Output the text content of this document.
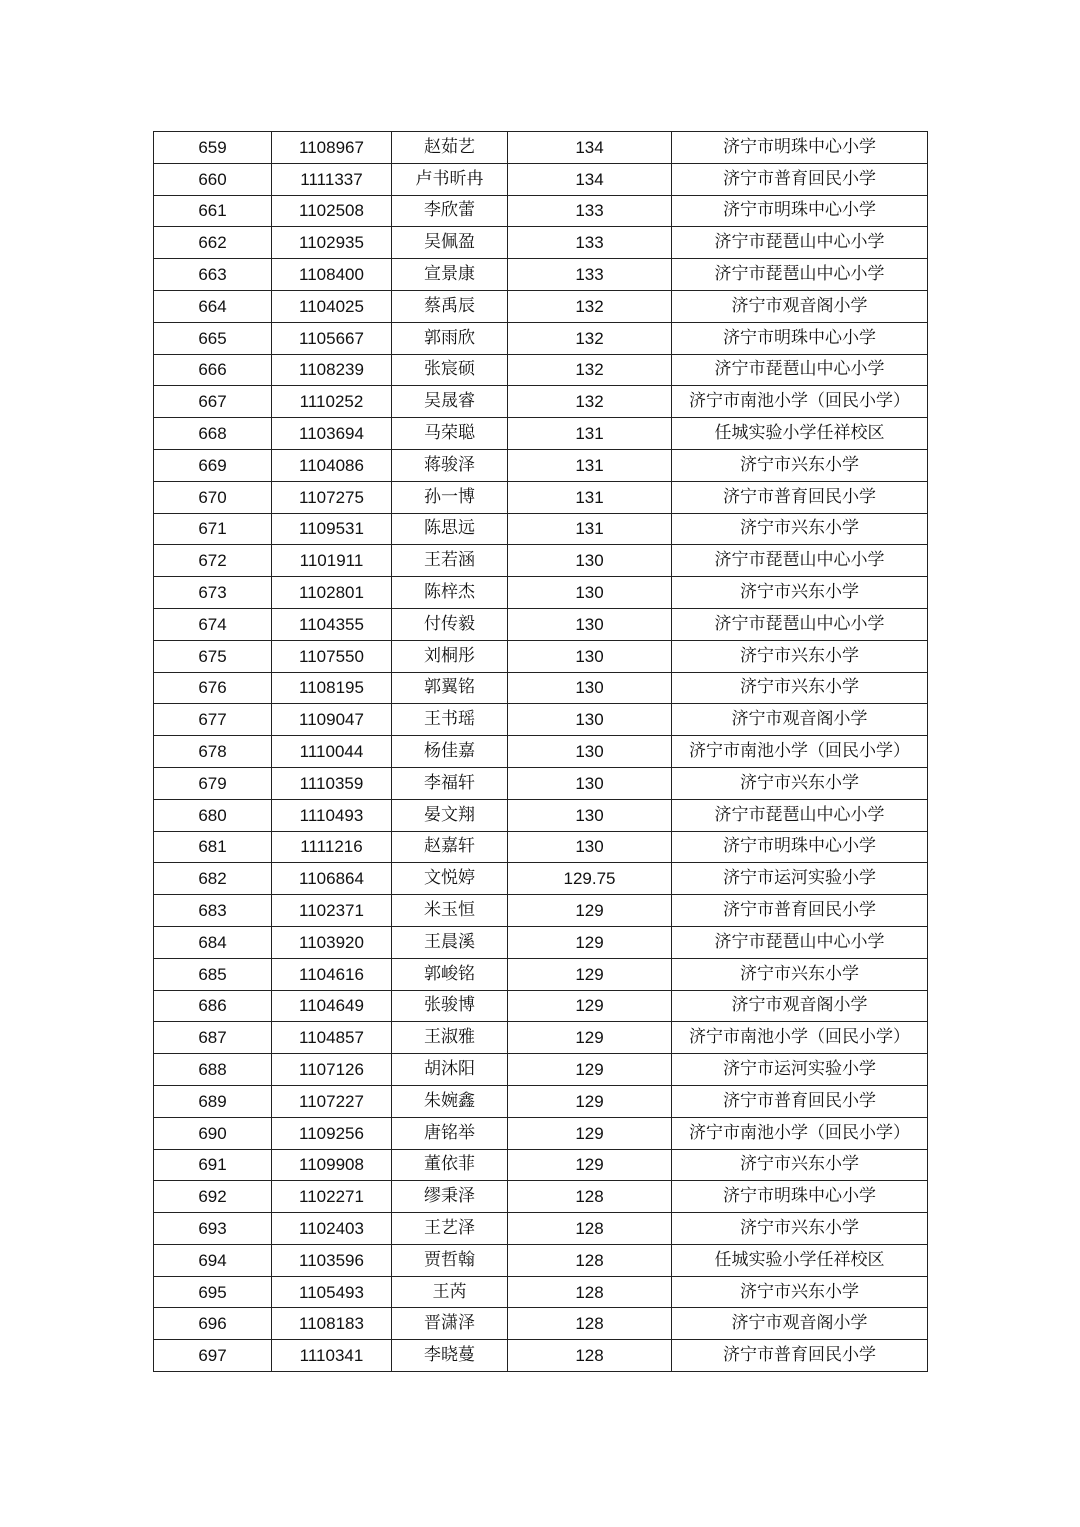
659	1108967	赵茹艺	134	济宁市明珠中心小学
660	1111337	卢书昕冉	134	济宁市普育回民小学
661	1102508	李欣蕾	133	济宁市明珠中心小学
662	1102935	吴佩盈	133	济宁市琵琶山中心小学
663	1108400	宣景康	133	济宁市琵琶山中心小学
664	1104025	蔡禹辰	132	济宁市观音阁小学
665	1105667	郭雨欣	132	济宁市明珠中心小学
666	1108239	张宸硕	132	济宁市琵琶山中心小学
667	1110252	吴晟睿	132	济宁市南池小学（回民小学）
668	1103694	马荣聪	131	任城实验小学任祥校区
669	1104086	蒋骏泽	131	济宁市兴东小学
670	1107275	孙一博	131	济宁市普育回民小学
671	1109531	陈思远	131	济宁市兴东小学
672	1101911	王若涵	130	济宁市琵琶山中心小学
673	1102801	陈梓杰	130	济宁市兴东小学
674	1104355	付传毅	130	济宁市琵琶山中心小学
675	1107550	刘桐彤	130	济宁市兴东小学
676	1108195	郭翼铭	130	济宁市兴东小学
677	1109047	王书瑶	130	济宁市观音阁小学
678	1110044	杨佳嘉	130	济宁市南池小学（回民小学）
679	1110359	李福轩	130	济宁市兴东小学
680	1110493	晏文翔	130	济宁市琵琶山中心小学
681	1111216	赵嘉轩	130	济宁市明珠中心小学
682	1106864	文悦婷	129.75	济宁市运河实验小学
683	1102371	米玉恒	129	济宁市普育回民小学
684	1103920	王晨溪	129	济宁市琵琶山中心小学
685	1104616	郭峻铭	129	济宁市兴东小学
686	1104649	张骏博	129	济宁市观音阁小学
687	1104857	王淑雅	129	济宁市南池小学（回民小学）
688	1107126	胡沐阳	129	济宁市运河实验小学
689	1107227	朱婉鑫	129	济宁市普育回民小学
690	1109256	唐铭举	129	济宁市南池小学（回民小学）
691	1109908	董依菲	129	济宁市兴东小学
692	1102271	缪秉泽	128	济宁市明珠中心小学
693	1102403	王艺泽	128	济宁市兴东小学
694	1103596	贾哲翰	128	任城实验小学任祥校区
695	1105493	王芮	128	济宁市兴东小学
696	1108183	晋潇泽	128	济宁市观音阁小学
697	1110341	李晓蔓	128	济宁市普育回民小学
